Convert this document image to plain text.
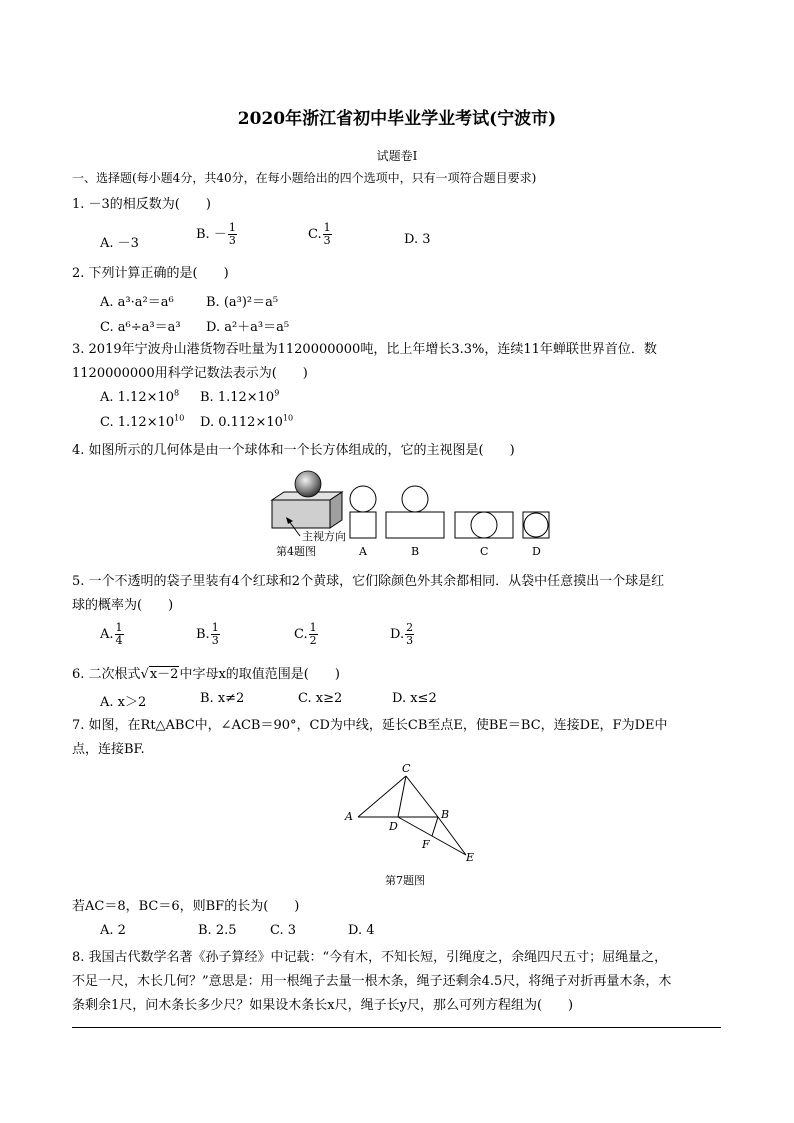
2020年浙江省初中毕业学业考试(宁波市)
试题卷Ⅰ
一、选择题(每小题4分，共40分，在每小题给出的四个选项中，只有一项符合题目要求)
1. －3的相反数为(　　)
A. －3
B. － $\frac{1}{3}$	C. $\frac{1}{3}$	D. 3
2. 下列计算正确的是(　　)
A. a³·a²＝a⁶ B. (a³)²＝a⁵
C. a⁶÷a³＝a³ D. a²＋a³＝a⁵
3. 2019年宁波舟山港货物吞吐量为1120000000吨，比上年增长3.3%，连续11年蝉联世界首位．数
1120000000用科学记数法表示为(　　)
A. $1.12\times 10^8$ B. $1.12\times 10^9$
C. $1.12\times 10^{10}$ D. $0.112\times 10^{10}$
4. 如图所示的几何体是由一个球体和一个长方体组成的，它的主视图是(　　)
主视方向
第4题图	A	B	C	D
5. 一个不透明的袋子里装有4个红球和2个黄球，它们除颜色外其余都相同．从袋中任意摸出一个球是红
球的概率为(　　)
A. $\frac{1}{4}$	B. $\frac{1}{3}$	C. $\frac{1}{2}$	D. $\frac{2}{3}$
6. 二次根式√x－2中字母x的取值范围是(　　)
A. x＞2	B. x≠2	C. x≥2	D. x≤2
7. 如图，在Rt△ABC中，∠ACB＝90°，CD为中线，延长CB至点E，使BE＝BC，连接DE，F为DE中
点，连接BF.
A
C
B
D
F
E
第7题图
若AC＝8，BC＝6，则BF的长为(　　)
A. 2	B. 2.5	C. 3	D. 4
8. 我国古代数学名著《孙子算经》中记载：“今有木，不知长短，引绳度之，余绳四尺五寸；屈绳量之，
不足一尺，木长几何？”意思是：用一根绳子去量一根木条，绳子还剩余4.5尺，将绳子对折再量木条，木
条剩余1尺，问木条长多少尺？如果设木条长x尺，绳子长y尺，那么可列方程组为(　　)
